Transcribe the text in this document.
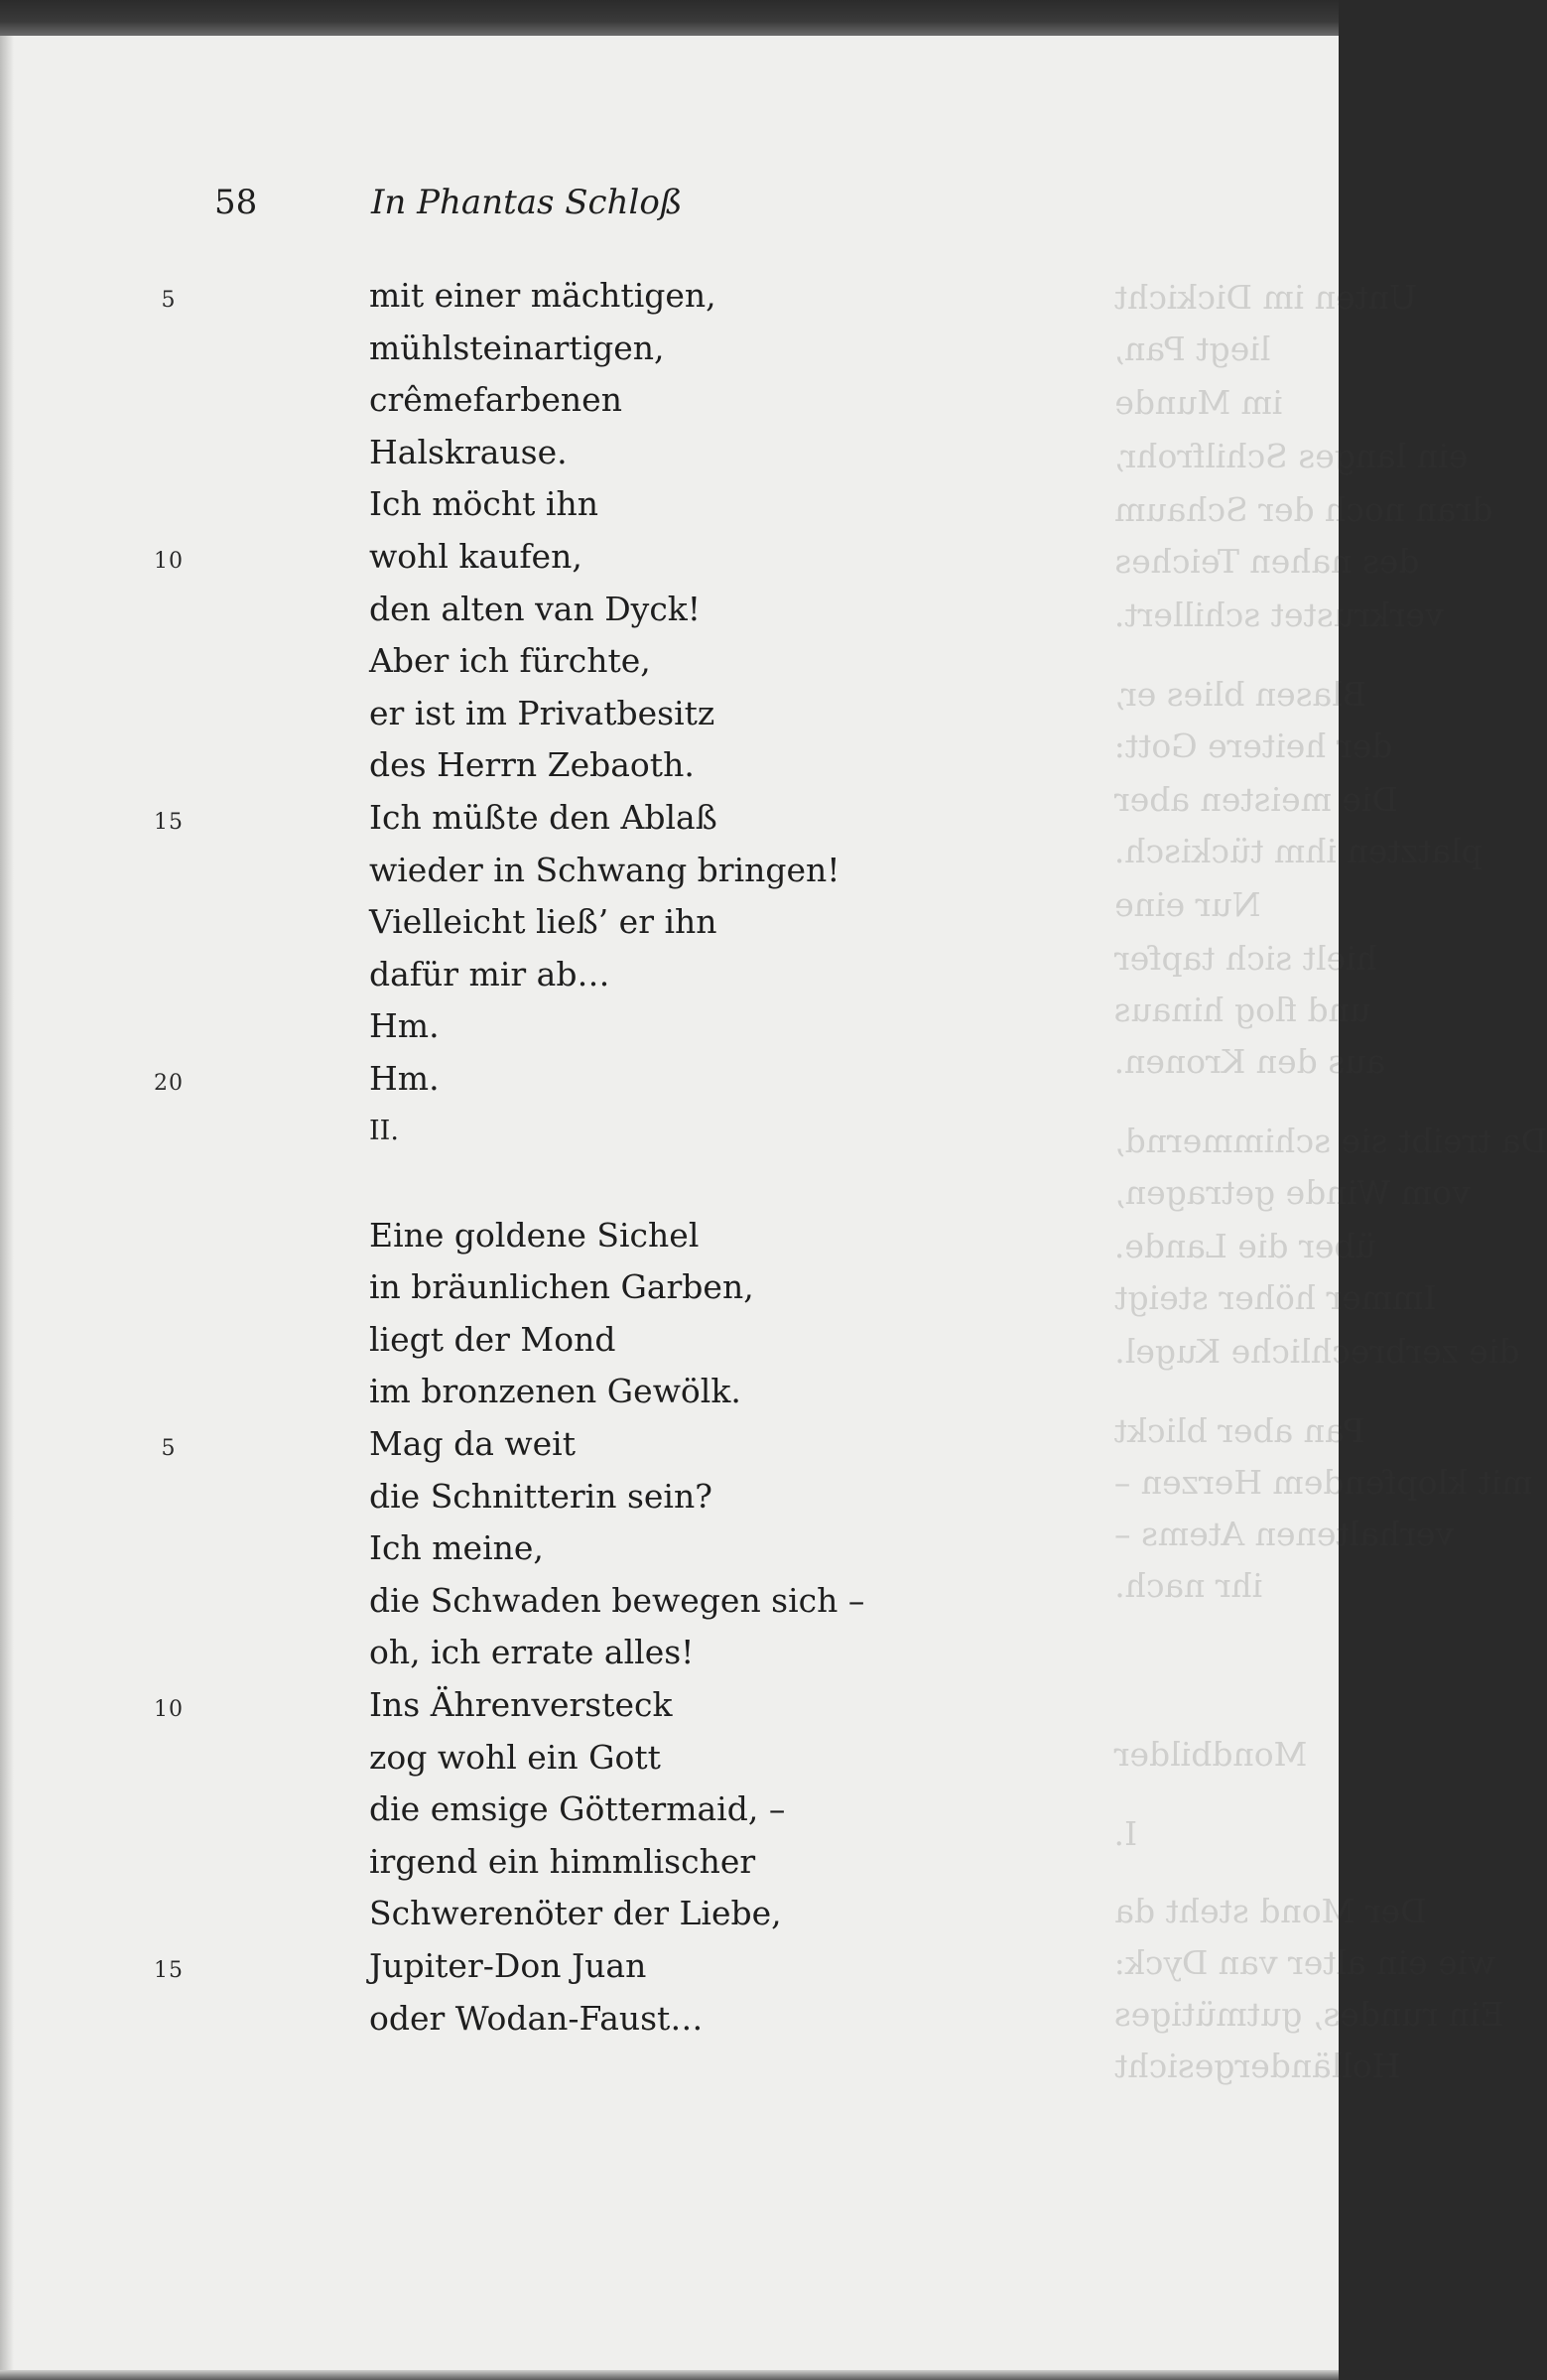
Unten im Dickicht
liegt Pan,
im Munde
ein langes Schilfrohr,
dran noch der Schaum
des nahen Teiches
verkrustet schillert.
Blasen blies er,
der heitere Gott:
Die meisten aber
platzten ihm tückisch.
Nur eine
hielt sich tapfer
und flog hinaus
aus den Kronen.
Da treibt sie schimmernd,
vom Winde getragen,
über die Lande.
Immer höher steigt
die zerbrechliche Kugel.
Pan aber blickt
mit klopfendem Herzen –
verhaltenen Atems –
ihr nach.
Mondbilder
I.
Der Mond steht da
wie ein alter van Dyck:
Ein rundes, gutmütiges
Holländergesicht
58	In Phantas Schloß
5
10
15
20
5
10
15
mit einer mächtigen,
mühlsteinartigen,
crêmefarbenen
Halskrause.
Ich möcht ihn
wohl kaufen,
den alten van Dyck!
Aber ich fürchte,
er ist im Privatbesitz
des Herrn Zebaoth.
Ich müßte den Ablaß
wieder in Schwang bringen!
Vielleicht ließ’ er ihn
dafür mir ab…
Hm.
Hm.
II.
Eine goldene Sichel
in bräunlichen Garben,
liegt der Mond
im bronzenen Gewölk.
Mag da weit
die Schnitterin sein?
Ich meine,
die Schwaden bewegen sich –
oh, ich errate alles!
Ins Ährenversteck
zog wohl ein Gott
die emsige Göttermaid, –
irgend ein himmlischer
Schwerenöter der Liebe,
Jupiter-Don Juan
oder Wodan-Faust…
